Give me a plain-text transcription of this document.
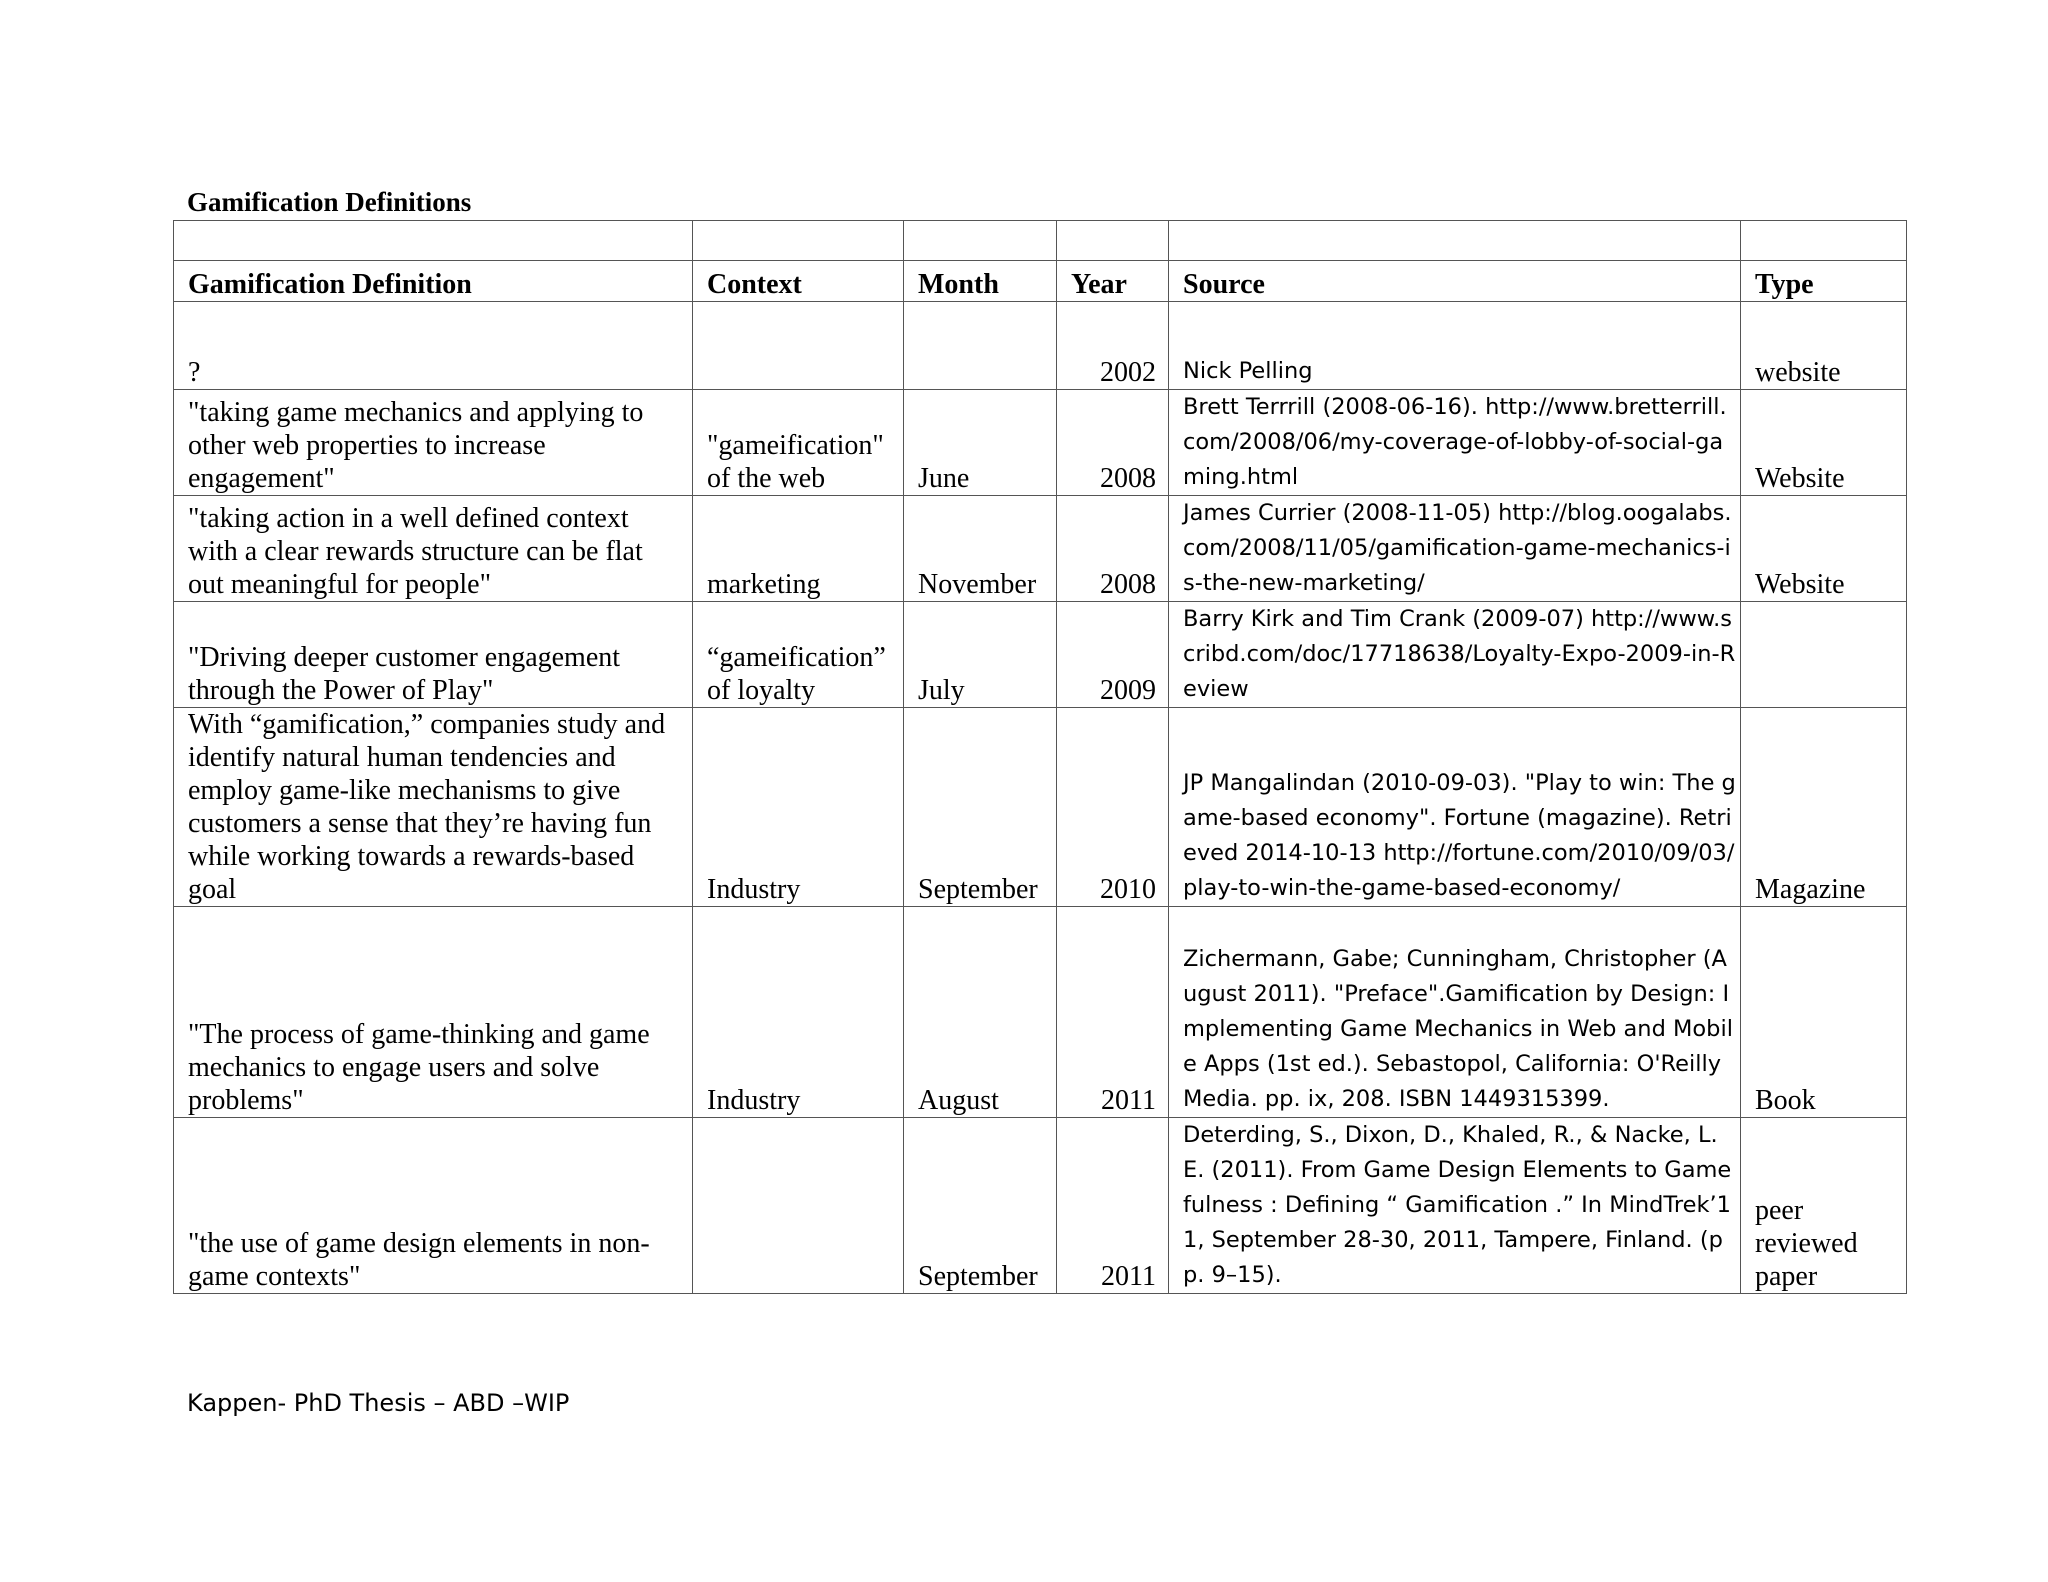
Gamification Definitions

Gamification Definition	Context	Month	Year	Source	Type
?			2002	Nick Pelling	website
"taking game mechanics and applying to other web properties to increase engagement"	"gameification" of the web	June	2008	Brett Terrrill (2008-06-16). http://www.bretterrill.com/2008/06/my-coverage-of-lobby-of-social-gaming.html	Website
"taking action in a well defined context with a clear rewards structure can be flat out meaningful for people"	marketing	November	2008	James Currier (2008-11-05) http://blog.oogalabs.com/2008/11/05/gamification-game-mechanics-is-the-new-marketing/	Website
"Driving deeper customer engagement through the Power of Play"	“gameification” of loyalty	July	2009	Barry Kirk and Tim Crank (2009-07) http://www.scribd.com/doc/17718638/Loyalty-Expo-2009-in-Review	
With “gamification,” companies study and identify natural human tendencies and employ game-like mechanisms to give customers a sense that they’re having fun while working towards a rewards-based goal	Industry	September	2010	JP Mangalindan (2010-09-03). "Play to win: The game-based economy". Fortune (magazine). Retrieved 2014-10-13 http://fortune.com/2010/09/03/play-to-win-the-game-based-economy/	Magazine
"The process of game-thinking and game mechanics to engage users and solve problems"	Industry	August	2011	Zichermann, Gabe; Cunningham, Christopher (August 2011). "Preface".Gamification by Design: Implementing Game Mechanics in Web and Mobile Apps (1st ed.). Sebastopol, California: O'Reilly Media. pp. ix, 208. ISBN 1449315399.	Book
"the use of game design elements in non-game contexts"		September	2011	Deterding, S., Dixon, D., Khaled, R., & Nacke, L. E. (2011). From Game Design Elements to Gamefulness : Defining “ Gamification .” In MindTrek’11, September 28-30, 2011, Tampere, Finland. (pp. 9–15).	peer reviewed paper
Kappen- PhD Thesis – ABD –WIP
